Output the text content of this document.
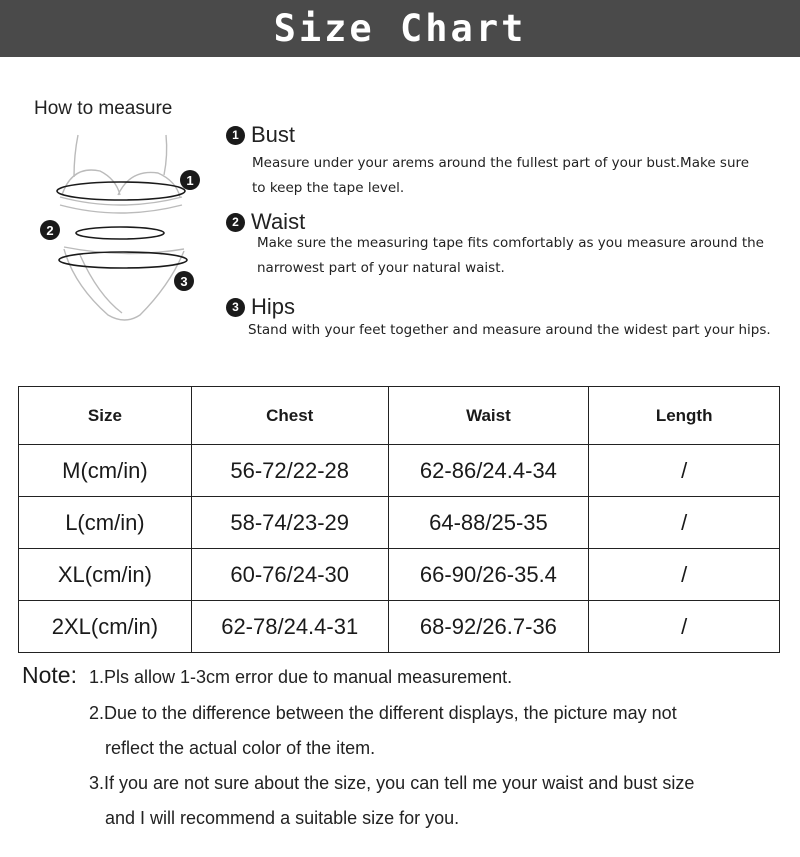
Size Chart
How to measure
1
2
3
1 Bust
Measure under your arems around the fullest part of your bust.Make sure
to keep the tape level.
2 Waist
Make sure the measuring tape fits comfortably as you measure around the
narrowest part of your natural waist.
3 Hips
Stand with your feet together and measure around the widest part your hips.
Size	Chest	Waist	Length
M(cm/in)	56-72/22-28	62-86/24.4-34	/
L(cm/in)	58-74/23-29	64-88/25-35	/
XL(cm/in)	60-76/24-30	66-90/26-35.4	/
2XL(cm/in)	62-78/24.4-31	68-92/26.7-36	/
Note: 1.Pls allow 1-3cm error due to manual measurement.
2.Due to the difference between the different displays, the picture may not
reflect the actual color of the item.
3.If you are not sure about the size, you can tell me your waist and bust size
and I will recommend a suitable size for you.
